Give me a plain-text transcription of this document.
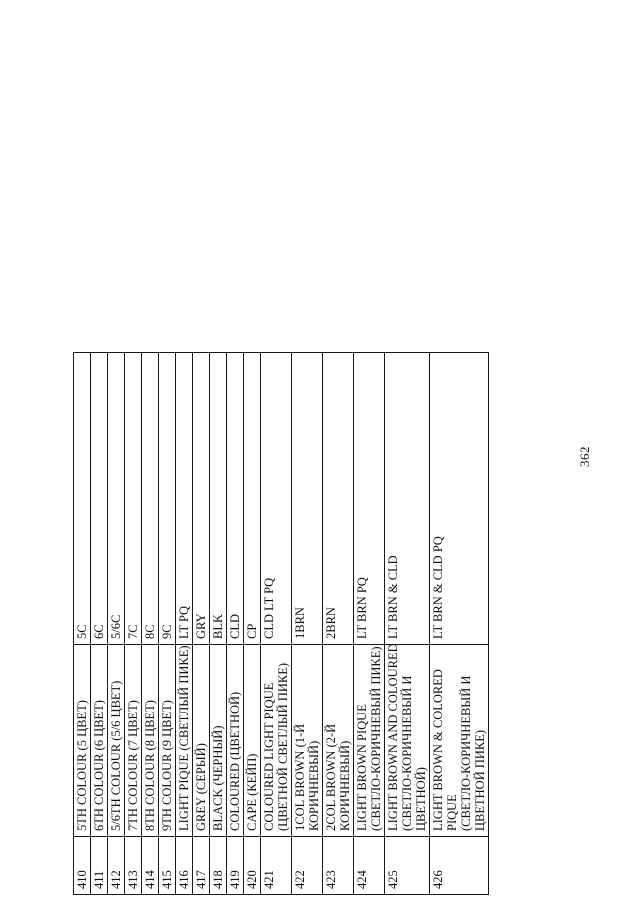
362
410	5TH COLOUR (5 ЦВЕТ)	5C
411	6TH COLOUR (6 ЦВЕТ)	6C
412	5/6TH COLOUR (5/6 ЦВЕТ)	5/6C
413	7TH COLOUR (7 ЦВЕТ)	7C
414	8TH COLOUR (8 ЦВЕТ)	8C
415	9TH COLOUR (9 ЦВЕТ)	9C
416	LIGHT PIQUE (СВЕТЛЫЙ ПИКЕ)	LT PQ
417	GREY (СЕРЫЙ)	GRY
418	BLACK (ЧЕРНЫЙ)	BLK
419	COLOURED (ЦВЕТНОЙ)	CLD
420	CAPE (КЕЙП)	CP
421	COLOURED LIGHT PIQUE (ЦВЕТНОЙ СВЕТЛЫЙ ПИКЕ)	CLD LT PQ
422	1COL BROWN (1-Й КОРИЧНЕВЫЙ)	1BRN
423	2COL BROWN (2-Й КОРИЧНЕВЫЙ)	2BRN
424	LIGHT BROWN PIQUE (СВЕТЛО-КОРИЧНЕВЫЙ ПИКЕ)	LT BRN PQ
425	LIGHT BROWN AND COLOURED (СВЕТЛО-КОРИЧНЕВЫЙ И ЦВЕТНОЙ)	LT BRN & CLD
426	LIGHT BROWN & COLORED PIQUE (СВЕТЛО-КОРИЧНЕВЫЙ И ЦВЕТНОЙ ПИКЕ)	LT BRN & CLD PQ
